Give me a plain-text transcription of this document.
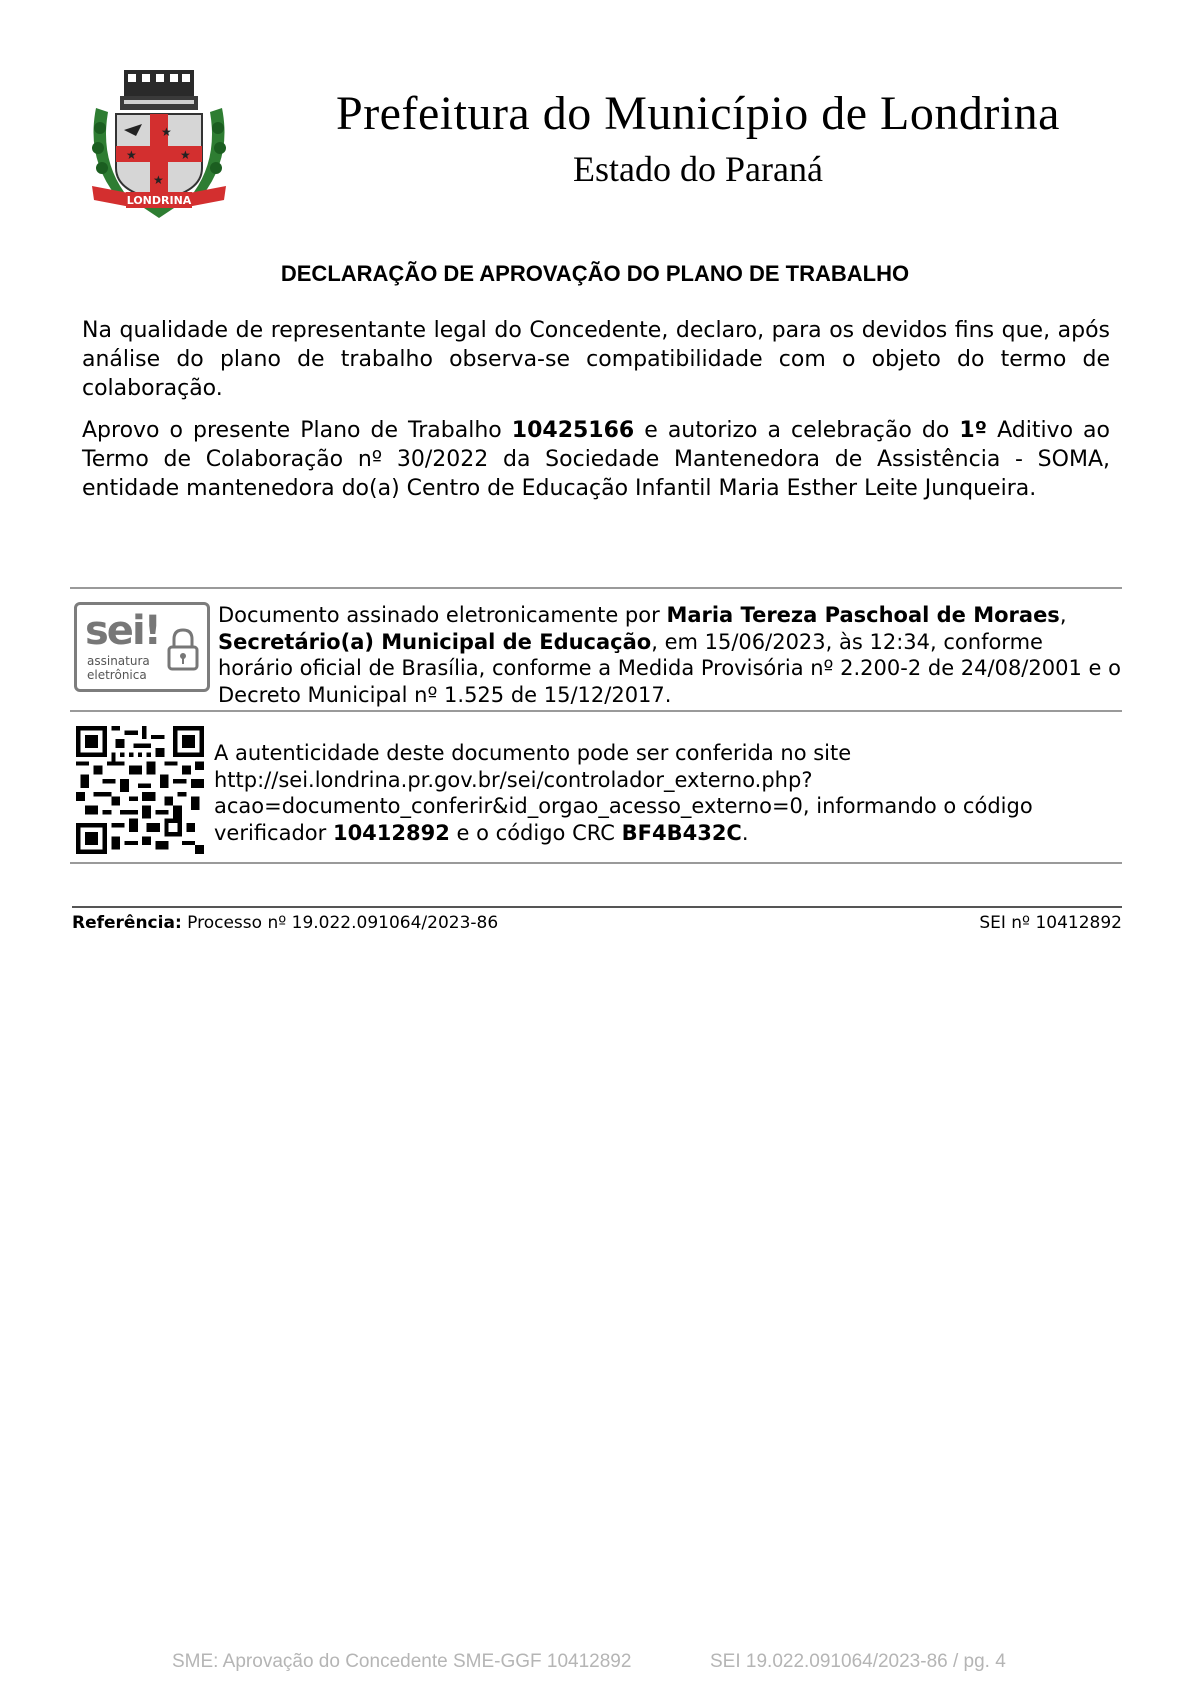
★
★	★
★
LONDRINA
Prefeitura do Município de Londrina
Estado do Paraná
DECLARAÇÃO DE APROVAÇÃO DO PLANO DE TRABALHO
Na qualidade de representante legal do Concedente, declaro, para os devidos fins que, após análise do plano de trabalho observa-se compatibilidade com o objeto do termo de colaboração.
Aprovo o presente Plano de Trabalho 10425166 e autorizo a celebração do 1º Aditivo ao Termo de Colaboração nº 30/2022 da Sociedade Mantenedora de Assistência - SOMA, entidade mantenedora do(a) Centro de Educação Infantil Maria Esther Leite Junqueira.
sei!
assinatura
eletrônica
Documento assinado eletronicamente por Maria Tereza Paschoal de Moraes, Secretário(a) Municipal de Educação, em 15/06/2023, às 12:34, conforme horário oficial de Brasília, conforme a Medida Provisória nº 2.200-2 de 24/08/2001 e o Decreto Municipal nº 1.525 de 15/12/2017.
A autenticidade deste documento pode ser conferida no site http://sei.londrina.pr.gov.br/sei/controlador_externo.php?acao=documento_conferir&id_orgao_acesso_externo=0, informando o código verificador 10412892 e o código CRC BF4B432C.
Referência: Processo nº 19.022.091064/2023-86	SEI nº 10412892
SME: Aprovação do Concedente SME-GGF 10412892	SEI 19.022.091064/2023-86 / pg. 4
